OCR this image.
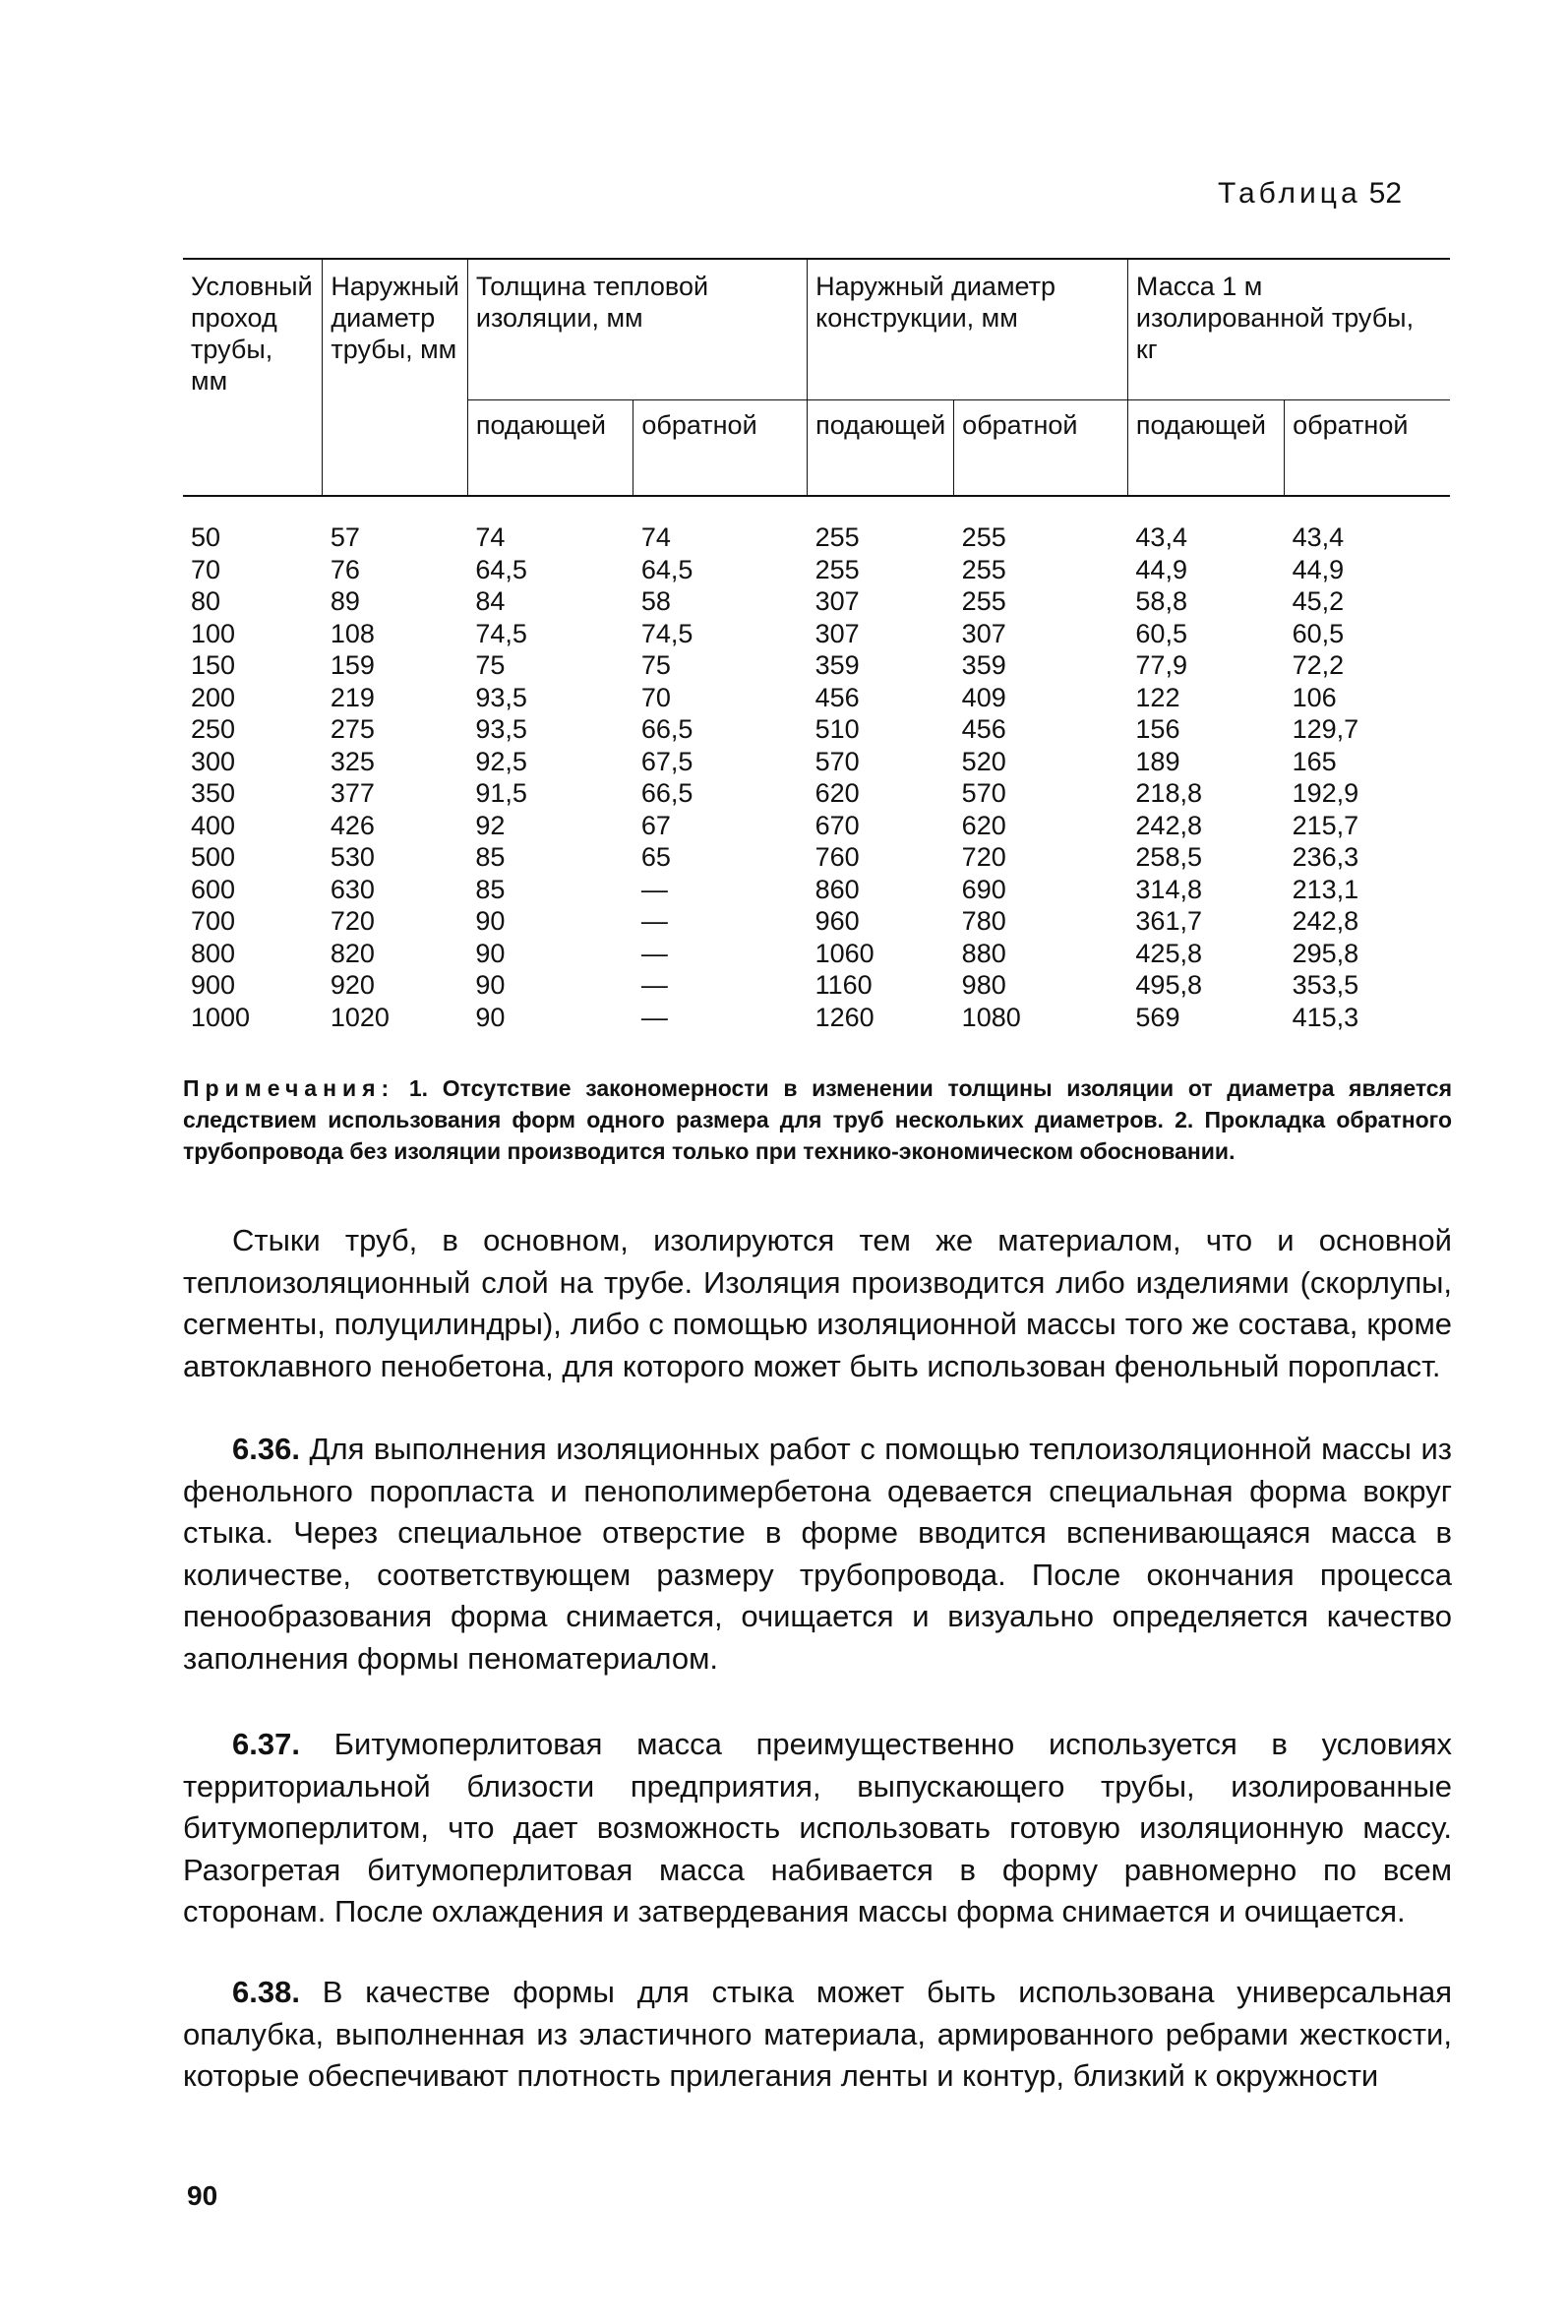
Таблица 52
Условный проход трубы, мм	Наружный диаметр трубы, мм	Толщина тепловой изоляции, мм		Наружный диаметр конструкции, мм		Масса 1 м изолированной трубы, кг	
		подающей	обратной	подающей	обратной	подающей	обратной

50	57	74	74	255	255	43,4	43,4
70	76	64,5	64,5	255	255	44,9	44,9
80	89	84	58	307	255	58,8	45,2
100	108	74,5	74,5	307	307	60,5	60,5
150	159	75	75	359	359	77,9	72,2
200	219	93,5	70	456	409	122	106
250	275	93,5	66,5	510	456	156	129,7
300	325	92,5	67,5	570	520	189	165
350	377	91,5	66,5	620	570	218,8	192,9
400	426	92	67	670	620	242,8	215,7
500	530	85	65	760	720	258,5	236,3
600	630	85	—	860	690	314,8	213,1
700	720	90	—	960	780	361,7	242,8
800	820	90	—	1060	880	425,8	295,8
900	920	90	—	1160	980	495,8	353,5
1000	1020	90	—	1260	1080	569	415,3
Примечания: 1. Отсутствие закономерности в изменении толщины изоляции от диаметра является следствием использования форм одного размера для труб нескольких диаметров. 2. Прокладка обратного трубопровода без изоляции производится только при технико-экономическом обосновании.

Стыки труб, в основном, изолируются тем же материалом, что и основной теплоизоляционный слой на трубе. Изоляция производится либо изделиями (скорлупы, сегменты, полуцилиндры), либо с помощью изоляционной массы того же состава, кроме автоклавного пенобетона, для которого может быть использован фенольный поропласт.

6.36. Для выполнения изоляционных работ с помощью теплоизоляционной массы из фенольного поропласта и пенополимербетона одевается специальная форма вокруг стыка. Через специальное отверстие в форме вводится вспенивающаяся масса в количестве, соответствующем размеру трубопровода. После окончания процесса пенообразования форма снимается, очищается и визуально определяется качество заполнения формы пеноматериалом.

6.37. Битумоперлитовая масса преимущественно используется в условиях территориальной близости предприятия, выпускающего трубы, изолированные битумоперлитом, что дает возможность использовать готовую изоляционную массу. Разогретая битумоперлитовая масса набивается в форму равномерно по всем сторонам. После охлаждения и затвердевания массы форма снимается и очищается.

6.38. В качестве формы для стыка может быть использована универсальная опалубка, выполненная из эластичного материала, армированного ребрами жесткости, которые обеспечивают плотность прилегания ленты и контур, близкий к окружности

90
